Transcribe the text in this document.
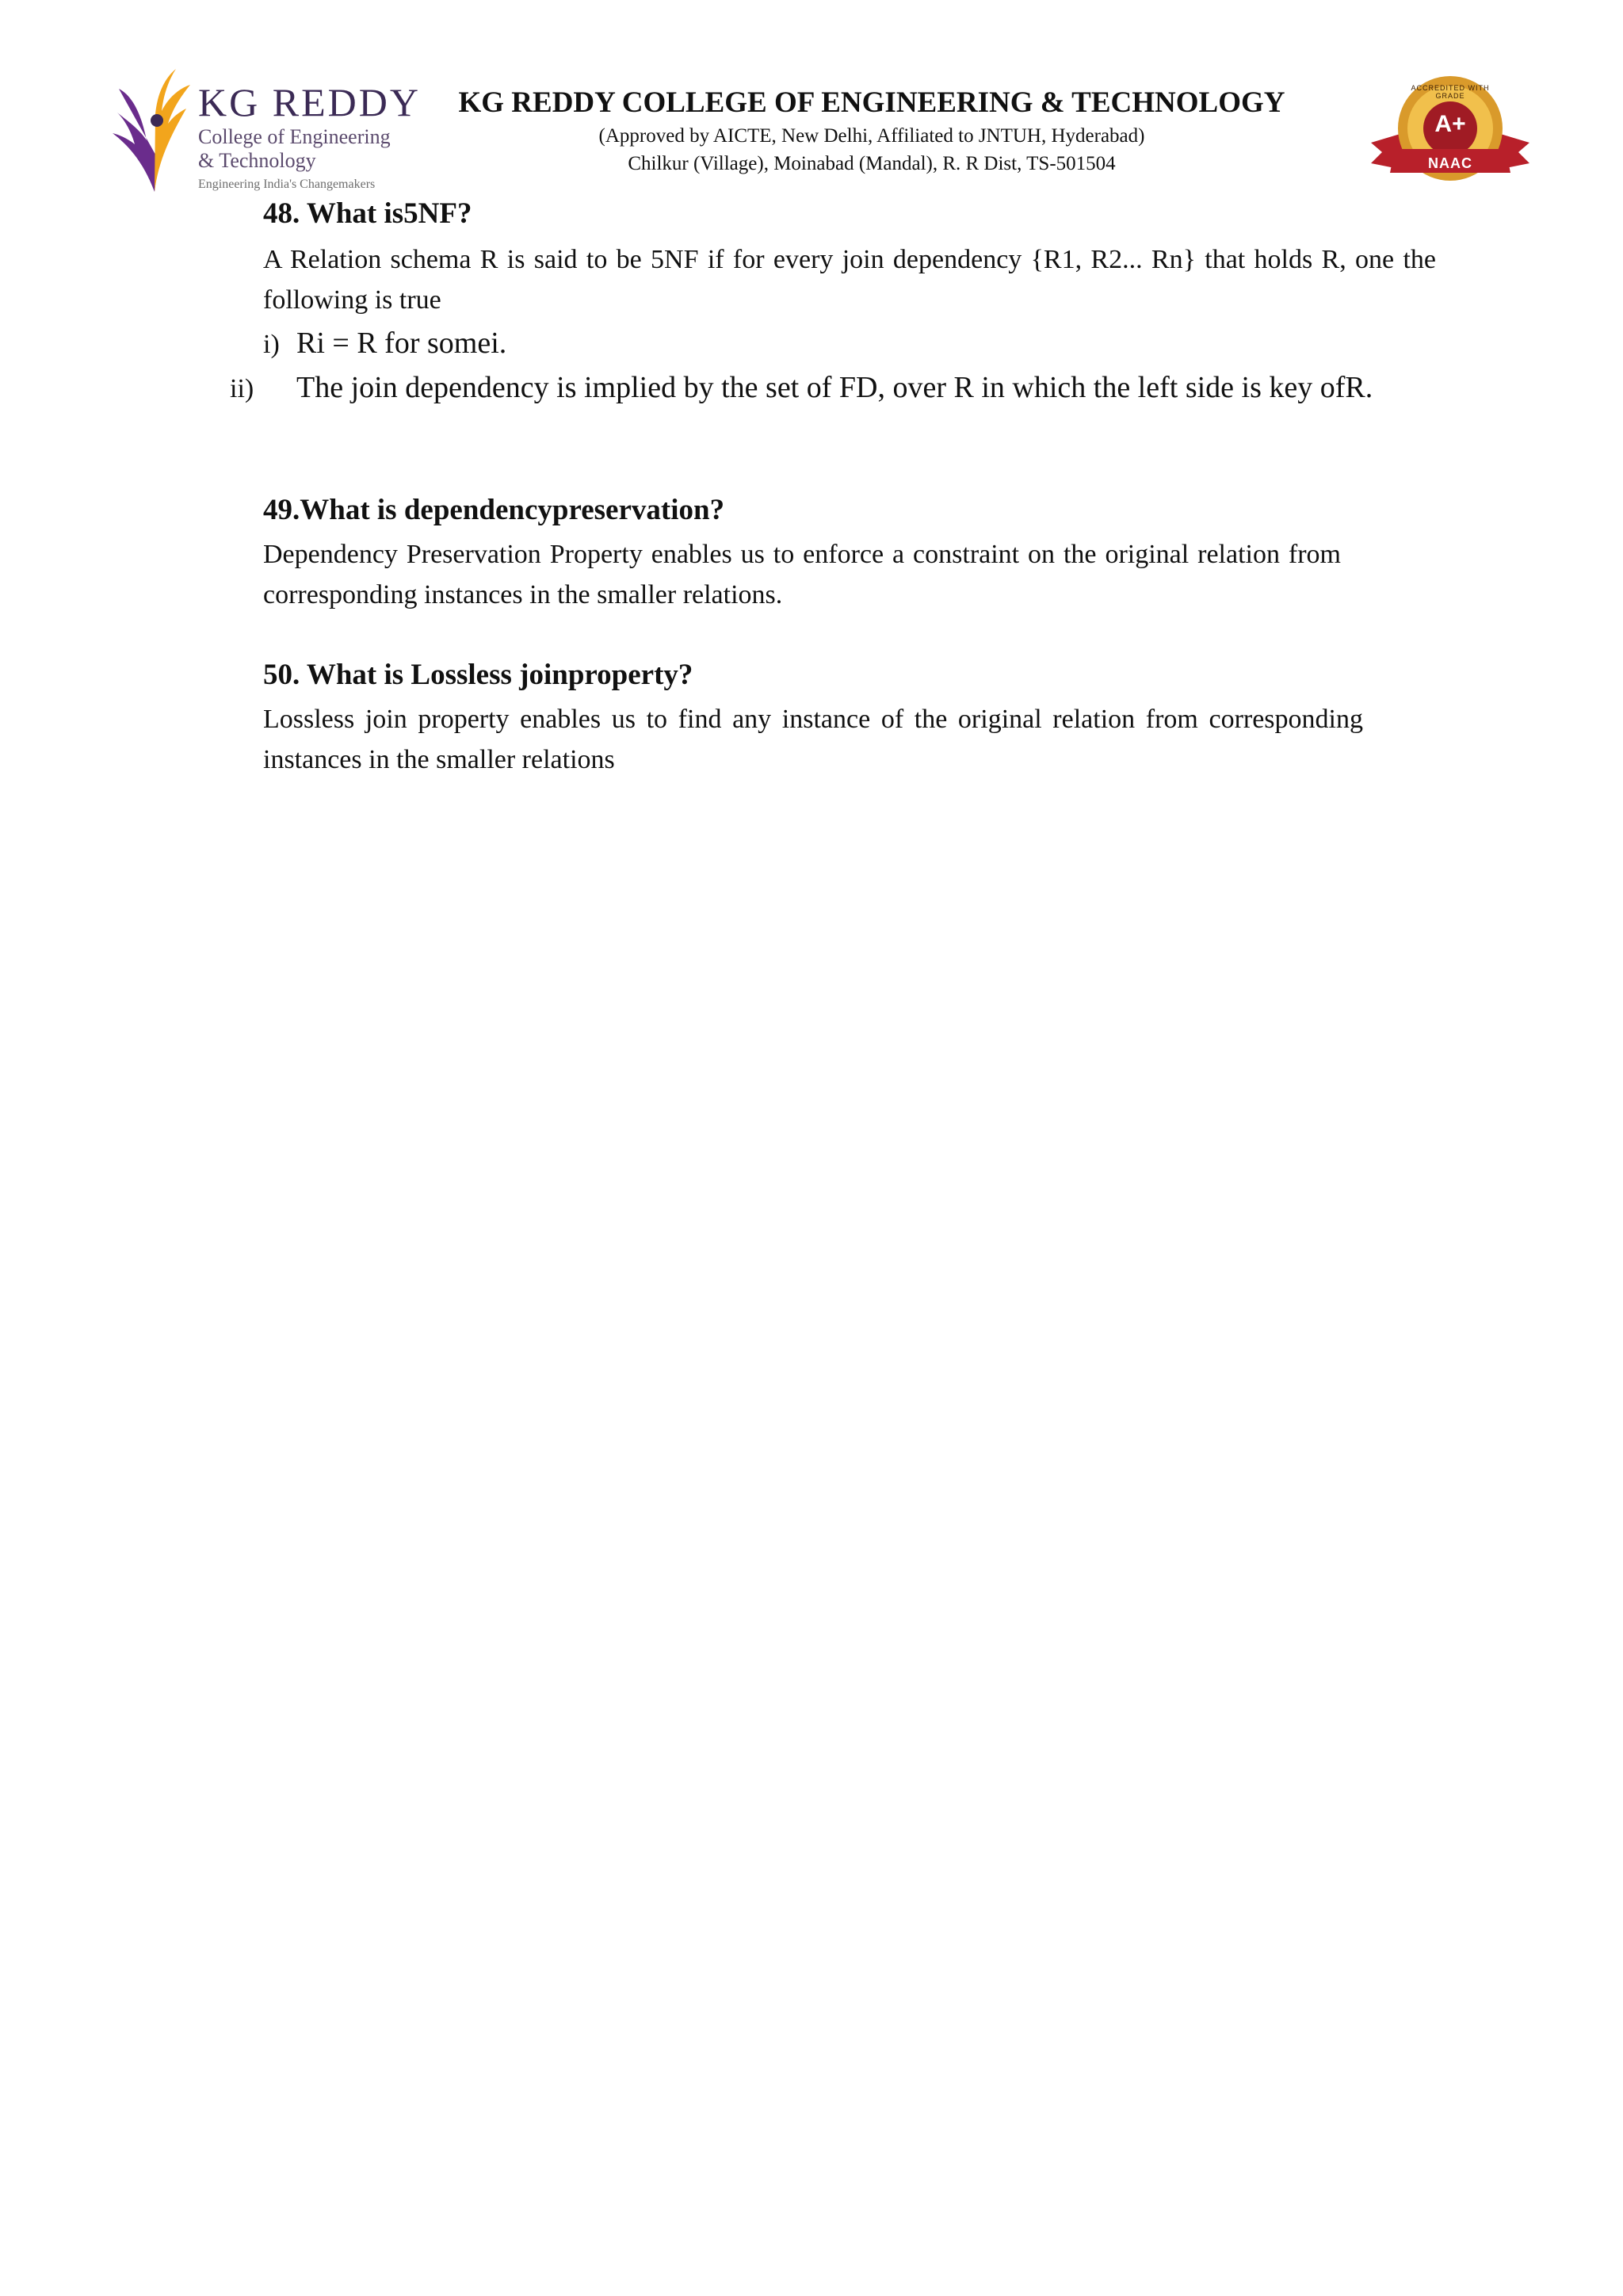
KG REDDY
College of Engineering
& Technology
Engineering India's Changemakers
KG REDDY COLLEGE OF ENGINEERING & TECHNOLOGY
(Approved by AICTE, New Delhi, Affiliated to JNTUH, Hyderabad)
Chilkur (Village), Moinabad (Mandal), R. R Dist, TS-501504
ACCREDITED WITH GRADE
A+
NAAC

48. What is5NF?

A Relation schema R is said to be 5NF if for every join dependency {R1, R2... Rn} that holds R, one the following is true

i) Ri = R for somei.

ii) The join dependency is implied by the set of FD, over R in which the left side is key ofR.

49.What is dependencypreservation?

Dependency Preservation Property enables us to enforce a constraint on the original relation from corresponding instances in the smaller relations.

50. What is Lossless joinproperty?

Lossless join property enables us to find any instance of the original relation from corresponding instances in the smaller relations
